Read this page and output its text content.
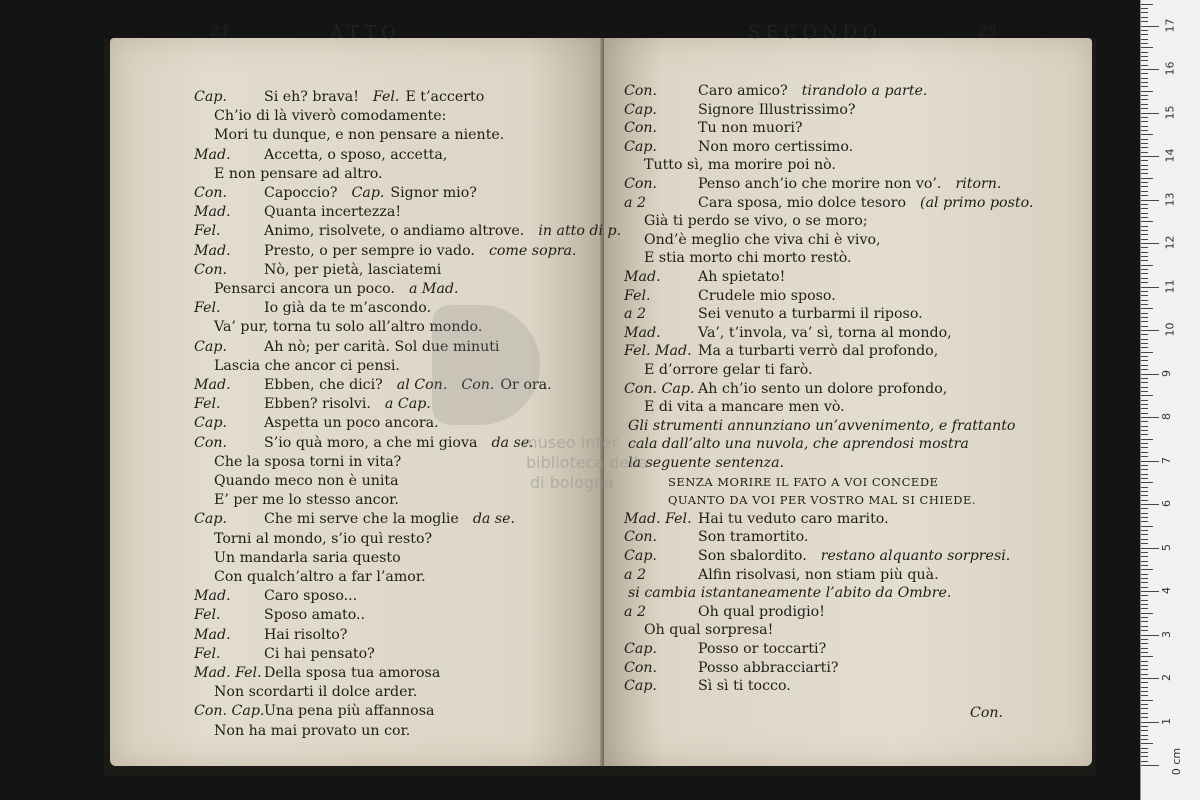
Cap.	Si eh? brava! Fel. E t’accerto
Ch’io di là viverò comodamente:
Mori tu dunque, e non pensare a niente.
Mad. Accetta, o sposo, accetta,
E non pensare ad altro.
Con.	Capoccio? Cap. Signor mio?
Mad. Quanta incertezza!
Fel.	Animo, risolvete, o andiamo altrove. in atto di p.
Mad. Presto, o per sempre io vado. come sopra.
Con.	Nò, per pietà, lasciatemi
Pensarci ancora un poco. a Mad.
Fel.	Io già da te m’ascondo.
Va’ pur, torna tu solo all’altro mondo.
Cap.	Ah nò; per carità. Sol due minuti
Lascia che ancor ci pensi.
Mad. Ebben, che dici? al Con. Con. Or ora.
Fel.	Ebben? risolvi. a Cap.
Cap.	Aspetta un poco ancora.
Con.	S’io quà moro, a che mi giova da se.
Che la sposa torni in vita?
Quando meco non è unita
E’ per me lo stesso ancor.
Cap.	Che mi serve che la moglie da se.
Torni al mondo, s’io quì resto?
Un mandarla saria questo
Con qualch’altro a far l’amor.
Mad. Caro sposo...
Fel.	Sposo amato..
Mad. Hai risolto?
Fel.	Ci hai pensato?
Mad. Fel. Della sposa tua amorosa
Non scordarti il dolce arder.
Con. Cap. Una pena più affannosa
Non ha mai provato un cor.
Con.	Caro amico? tirandolo a parte.
Cap.	Signore Illustrissimo?
Con.	Tu non muori?
Cap.	Non moro certissimo.
Tutto sì, ma morire poi nò.
Con.	Penso anch’io che morire non vo’. ritorn.
a 2	Cara sposa, mio dolce tesoro (al primo posto.
Già ti perdo se vivo, o se moro;
Ond’è meglio che viva chi è vivo,
E stia morto chi morto restò.
Mad.	Ah spietato!
Fel.	Crudele mio sposo.
a 2	Sei venuto a turbarmi il riposo.
Mad.	Va’, t’invola, va’ sì, torna al mondo,
Fel. Mad. Ma a turbarti verrò dal profondo,
E d’orrore gelar ti farò.
Con. Cap. Ah ch’io sento un dolore profondo,
E di vita a mancare men vò.
Gli strumenti annunziano un’avvenimento, e frattanto
cala dall’alto una nuvola, che aprendosi mostra
la seguente sentenza.
SENZA MORIRE IL FATO A VOI CONCEDE
QUANTO DA VOI PER VOSTRO MAL SI CHIEDE.
Mad. Fel. Hai tu veduto caro marito.
Con.	Son tramortito.
Cap.	Son sbalordito. restano alquanto sorpresi.
a 2	Alfin risolvasi, non stiam più quà.
si cambia istantaneamente l’abito da Ombre.
a 2	Oh qual prodigio!
Oh qual sorpresa!
Cap.	Posso or toccarti?
Con.	Posso abbracciarti?
Cap.	Sì sì ti tocco.
ATTO
24	SECONDO	25
Con.
museo inter
biblioteca della
di bologna
0 cm
1
2
3
4
5
6
7
8
9
10
11
12
13
14
15
16
17
